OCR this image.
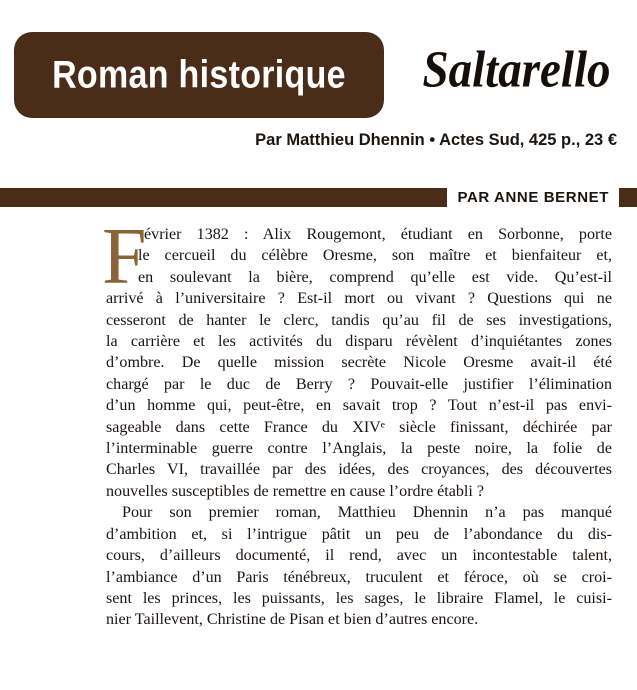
Roman historique	Saltarello
Par Matthieu Dhennin • Actes Sud, 425 p., 23 €
PAR ANNE BERNET
F
évrier 1382 : Alix Rougemont, étudiant en Sorbonne, porte
le cercueil du célèbre Oresme, son maître et bienfaiteur et,
en soulevant la bière, comprend qu’elle est vide. Qu’est-il
arrivé à l’universitaire ? Est-il mort ou vivant ? Questions qui ne
cesseront de hanter le clerc, tandis qu’au fil de ses investigations,
la carrière et les activités du disparu révèlent d’inquiétantes zones
d’ombre. De quelle mission secrète Nicole Oresme avait-il été
chargé par le duc de Berry ? Pouvait-elle justifier l’élimination
d’un homme qui, peut-être, en savait trop ? Tout n’est-il pas envi-
sageable dans cette France du XIVᵉ siècle finissant, déchirée par
l’interminable guerre contre l’Anglais, la peste noire, la folie de
Charles VI, travaillée par des idées, des croyances, des découvertes
nouvelles susceptibles de remettre en cause l’ordre établi ?
Pour son premier roman, Matthieu Dhennin n’a pas manqué
d’ambition et, si l’intrigue pâtit un peu de l’abondance du dis-
cours, d’ailleurs documenté, il rend, avec un incontestable talent,
l’ambiance d’un Paris ténébreux, truculent et féroce, où se croi-
sent les princes, les puissants, les sages, le libraire Flamel, le cuisi-
nier Taillevent, Christine de Pisan et bien d’autres encore.
